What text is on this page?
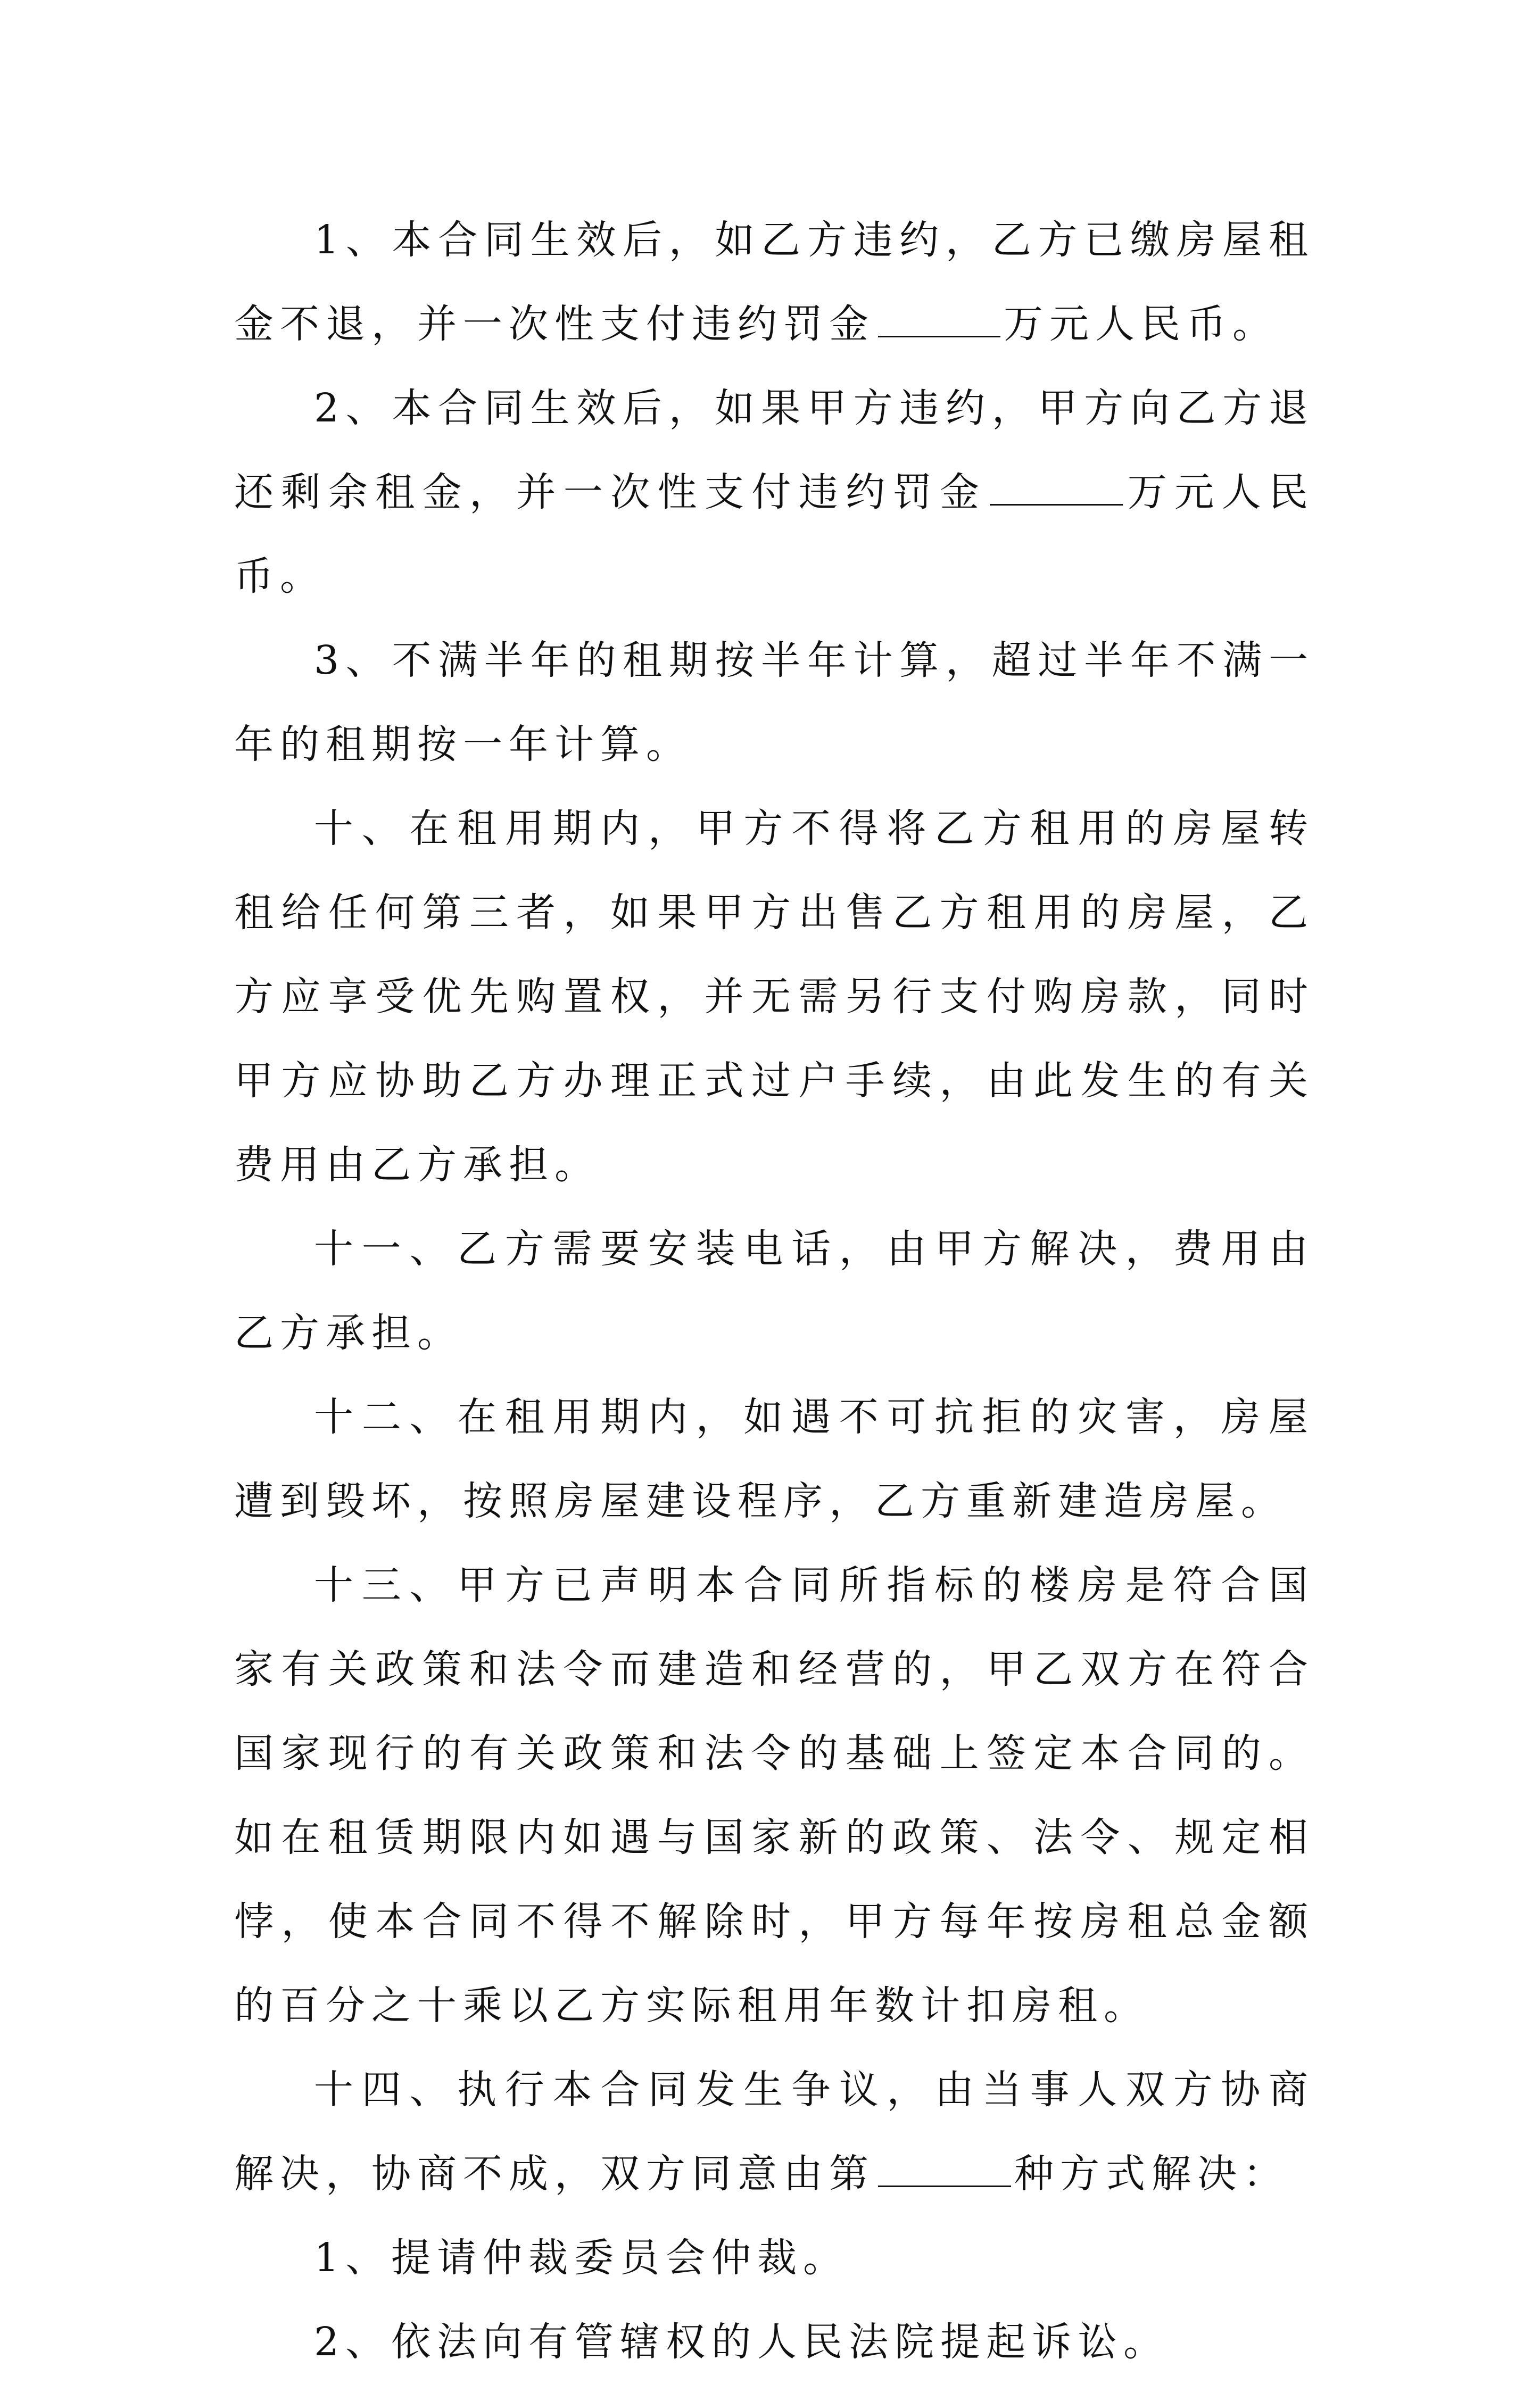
1、本合同生效后，如乙方违约，乙方已缴房屋租金不退，并一次性支付违约罚金	万元人民币。

2、本合同生效后，如果甲方违约，甲方向乙方退还剩余租金，并一次性支付违约罚金	万元人民币。

3、不满半年的租期按半年计算，超过半年不满一年的租期按一年计算。

十、在租用期内，甲方不得将乙方租用的房屋转租给任何第三者，如果甲方出售乙方租用的房屋，乙方应享受优先购置权，并无需另行支付购房款，同时甲方应协助乙方办理正式过户手续，由此发生的有关费用由乙方承担。

十一、乙方需要安装电话，由甲方解决，费用由乙方承担。

十二、在租用期内，如遇不可抗拒的灾害，房屋遭到毁坏，按照房屋建设程序，乙方重新建造房屋。

十三、甲方已声明本合同所指标的楼房是符合国家有关政策和法令而建造和经营的，甲乙双方在符合国家现行的有关政策和法令的基础上签定本合同的。如在租赁期限内如遇与国家新的政策、法令、规定相悖，使本合同不得不解除时，甲方每年按房租总金额的百分之十乘以乙方实际租用年数计扣房租。

十四、执行本合同发生争议，由当事人双方协商解决，协商不成，双方同意由第	种方式解决：

1、提请仲裁委员会仲裁。

2、依法向有管辖权的人民法院提起诉讼。
